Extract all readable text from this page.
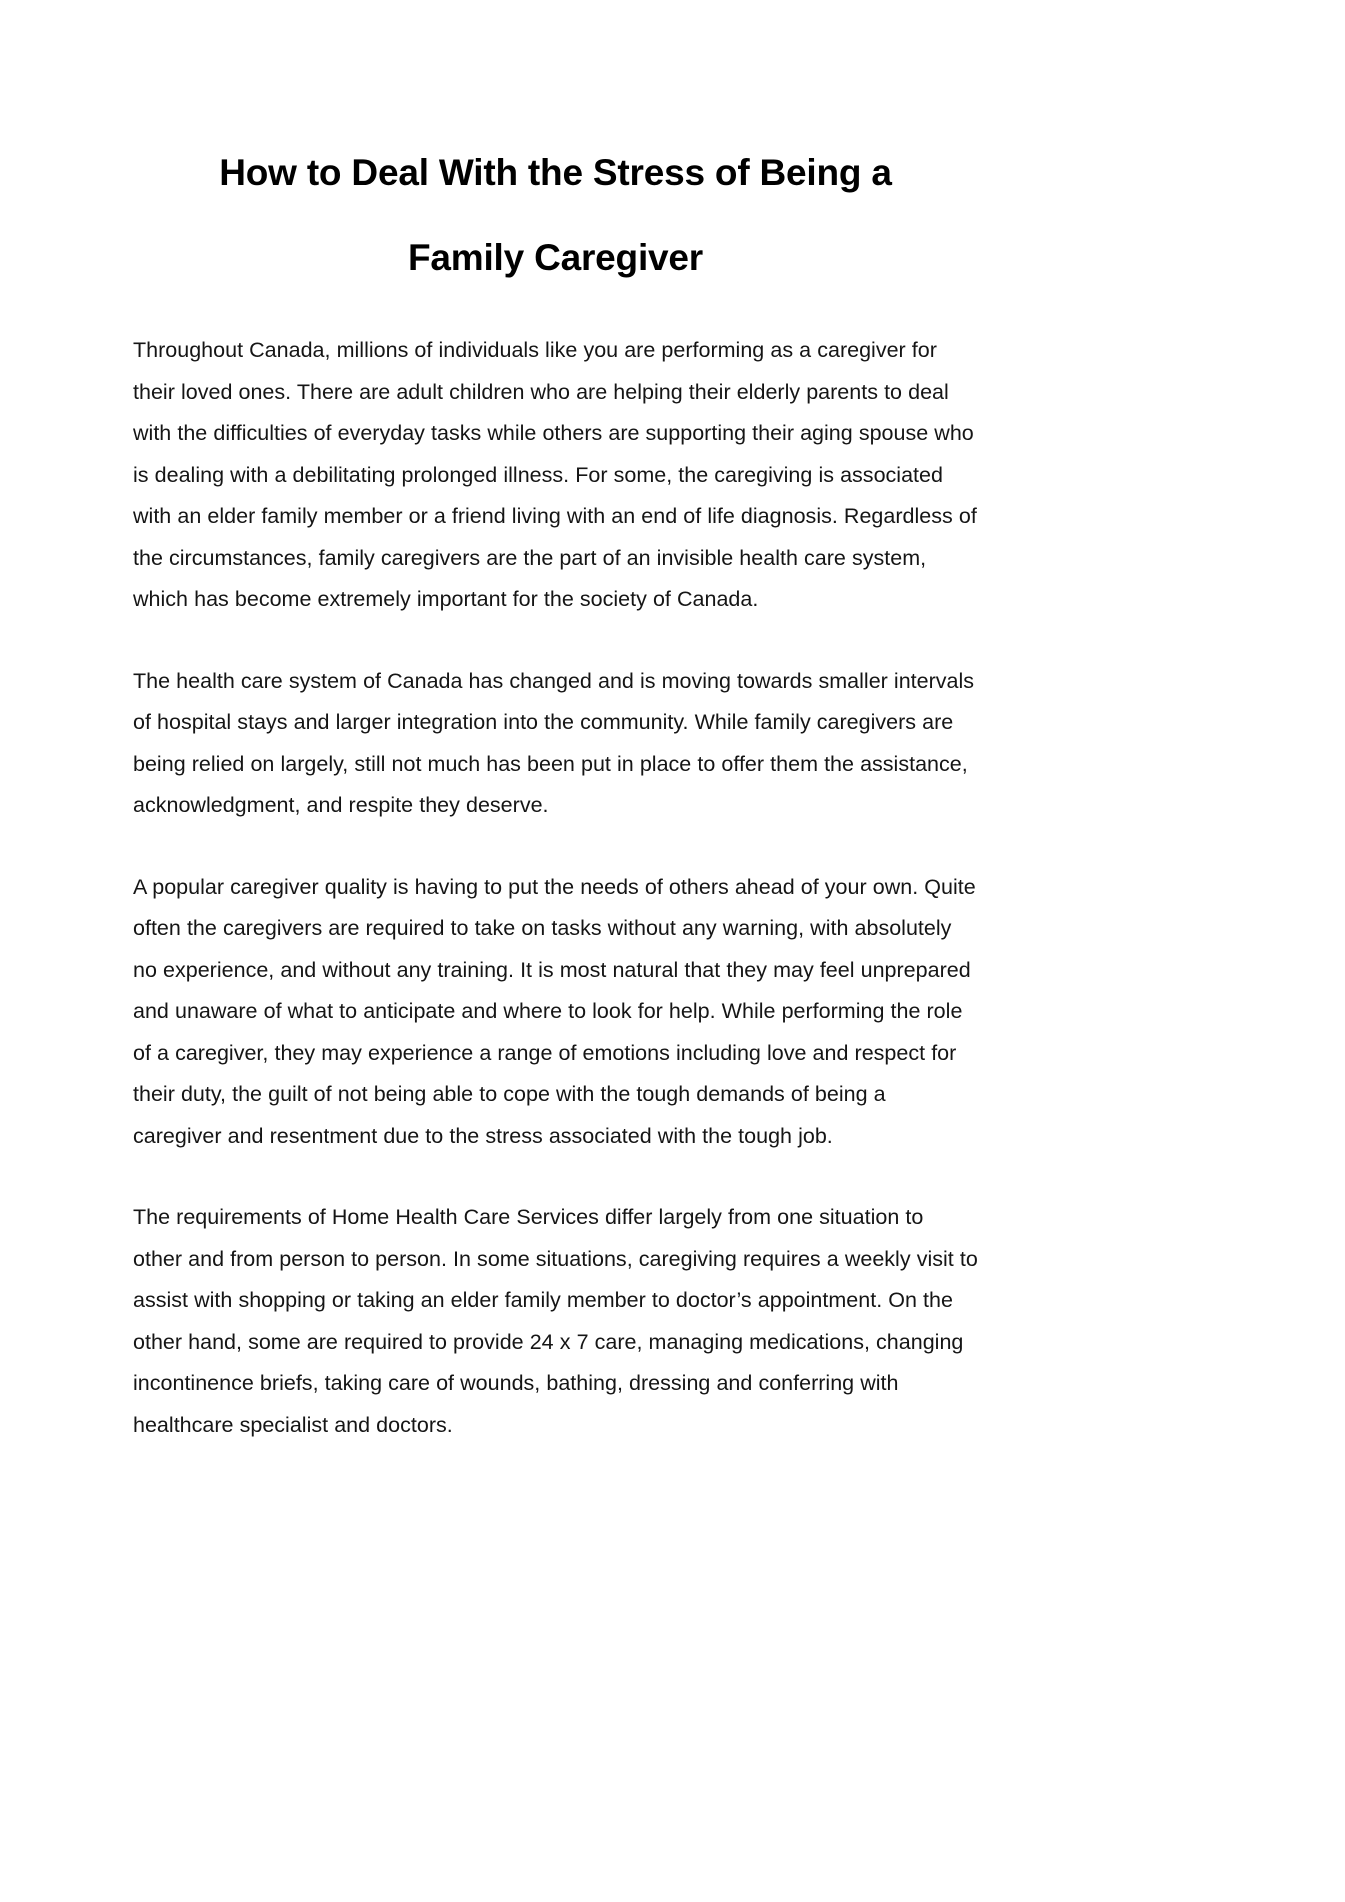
How to Deal With the Stress of Being a
Family Caregiver

Throughout Canada, millions of individuals like you are performing as a caregiver for their loved ones. There are adult children who are helping their elderly parents to deal with the difficulties of everyday tasks while others are supporting their aging spouse who is dealing with a debilitating prolonged illness. For some, the caregiving is associated with an elder family member or a friend living with an end of life diagnosis. Regardless of the circumstances, family caregivers are the part of an invisible health care system, which has become extremely important for the society of Canada.

The health care system of Canada has changed and is moving towards smaller intervals of hospital stays and larger integration into the community. While family caregivers are being relied on largely, still not much has been put in place to offer them the assistance, acknowledgment, and respite they deserve.

A popular caregiver quality is having to put the needs of others ahead of your own. Quite often the caregivers are required to take on tasks without any warning, with absolutely no experience, and without any training. It is most natural that they may feel unprepared and unaware of what to anticipate and where to look for help. While performing the role of a caregiver, they may experience a range of emotions including love and respect for their duty, the guilt of not being able to cope with the tough demands of being a caregiver and resentment due to the stress associated with the tough job.

The requirements of Home Health Care Services differ largely from one situation to other and from person to person. In some situations, caregiving requires a weekly visit to assist with shopping or taking an elder family member to doctor’s appointment. On the other hand, some are required to provide 24 x 7 care, managing medications, changing incontinence briefs, taking care of wounds, bathing, dressing and conferring with healthcare specialist and doctors.
